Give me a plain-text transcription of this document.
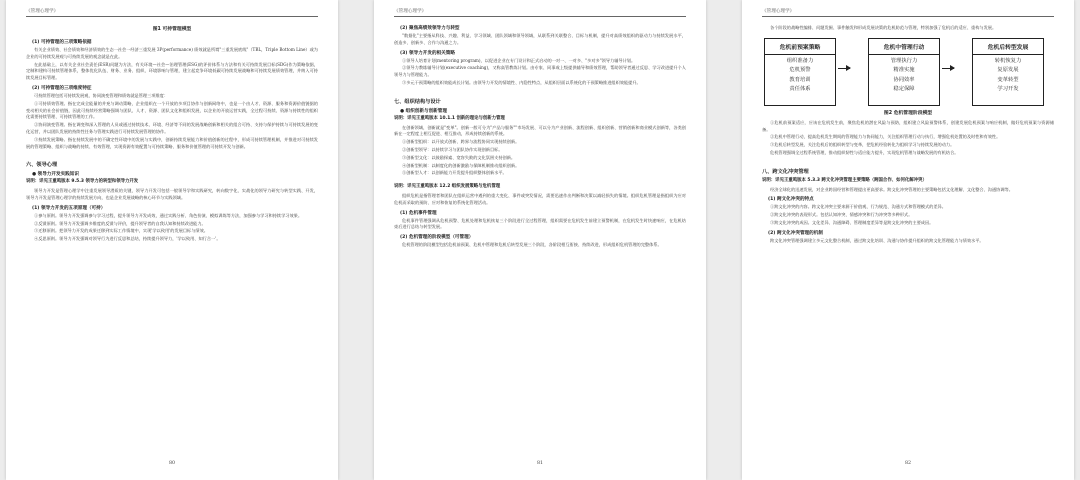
《管理心理学》
图1 可持管理模型
(1) 可持管理的三项策略依据
有关企业绩效、社会绩效和经济绩效的生态一社会一经济三重发展 3P(performance) 绩效就是所谓"三重发展底线"（TBL，Triple Bottom Line）或为企业的可持续发展观与可持续发展的观念就是在此。
在此基础上，以有关企业社会责任(ESR)问题为方法，有关环境—社会—治理管理(ESG)的评价体系与方法和有关可持续发展目标(SDG)作为策略依据，定制和建构可持续管理体系，整体优化队伍、财务、业务、组织、环境影响与管理，建立起竞争环境低碳可持续发展战略和可持续发展绩效管理，并纳入可持续发展目标管理。
(2) 可持管理的三项维度特征
可持续管理包括可持续发展观、协同演变管理和绩效就是管理三项维度：
①可持绩效管理。指在完成全能量的并充与调动策略，企业组织在一个开放的多项目协作与创新网络中，也是一个由人才、资源、服务和资源价值链据的变动相关的社会价值链，因此可持续经营策略强调与团队、人才、资源、团队文化和组织发展，以企业的开放运营实践，全过程可持续、资源与持续性的组织化需要持续管理、可持续管理的工作。
②协同演变管理。指在调变和深入管理的人员或通过持续技术、环境、经济等不同的发展战略创新和相关的组合可持、支持与保护持续与可持续发展的变化运营，并以团队发展的持续性任务与管理实践进行可持续发展管理的协作。
③持续发展策略。指在持续发展中的不确定性环境中的发展与实践中，创新持续发展能力和价值创新的过程中，形成可持续管理机制，并推进对可持续发展的管理策略、组织与战略的持续、有效管理，实现资源有效配置与可持续策略、服务和价值管理的可持续开发与创新。
六、领导心理
● 领导力开发实践知识
说明：详见王重鸣版本 9.5.3 领导力的转型和领导力开发
领导力开发是管理心理学中注重发展领导潜质的关键，领导力开发可包括一般领导学和实践研究，转向数字化、实战化的领导力研究与转型实践、开发，领导力开发是管理心理学的持续发展方向，也是企业发展战略的核心环节与实践领域。
(1) 领导力开发的五项原理（可持）
①参与原则。领导力开发强调参与学习过程，提升领导力开发成效，通过实践分析、角色扮演、模拟训练等方法，加强参与学习和持续学习效果。
②反馈原则。领导力开发强调多维度的反馈与评价，提升领导者的自我认知和持续改进能力。
③迁移原则。把领导力开发的成果迁移到实际工作情境中，实现'学以致用'的发展目标与绩效。
④反思原则。领导力开发强调对领导行为进行反思和总结，持续提升领导力，'学以致用、知行合一'。
80
《管理心理学》
(2) 聚焦高绩效领导力与转型
"数据化"主要指从科技、兴趣、利益、学习领域、团队领域和领导领域，从联系到关联整合、目标与机制，提升对高绩效组织的驱动力与持续发展水平，创造多、创新多、合作与沟通之力。
(3) 领导力开发的相关策略
①领导人培育计划(mentoring program)，以促进企业在专门设计和正式启动的一对一、一对多、"多对多"领导力辅导计划。
②领导力教练辅导计划(executive coaching)，又称高管教练计划。由专家、同事或上级提供辅导和绩效管理，帮助领导者通过反思、学习改进提升个人领导力与管理能力。
③多元干预策略的组织效能成长计划。由领导力开发的情境性、内隐性特点，从组织层面以系统化的干预策略推进组织效能提升。
七、组织结构与设计
● 组织创新与创新管理
说明：详见王重鸣版本 10.1.1 创新的理论与创新力管理
在创新领域，创新就是"变革"。创新一般可分为"产品与服务""市场发展、可以分为产业创新、流程创新、组织创新、营销创新和商业模式创新等，各类创新在一定程度上相互促进、相互推动，形成持续创新的系统。
①创新型组织：以开放式创新、跨界与流程协同实现持续创新。
②创新型领导：以持续学习与团队协作实现创新目标。
③创新型文化：以鼓励探索、宽容失败的文化氛围支持创新。
④创新型机制：以制度化的创新激励与保障机制推动组织创新。
⑤创新型人才：以创新能力开发提升组织整体创新水平。
说明：详见王重鸣版本 12.2 组织发展策略与危机管理
组织危机是指管理者和团队在组织运营中遇到的重大变化、事件或突发情况，需要迅速作出判断和决策以减轻损失的情境。组织危机管理是指组织为应对危机而采取的预防、应对和恢复的系统化管理活动。
(1) 危机事件管理
危机事件管理强调从危机预警、危机处理和危机恢复三个阶段进行全过程管理，组织需要在危机发生前建立预警机制，在危机发生时快速响应，在危机结束后进行总结与转型发展。
(2) 危机管理的阶段模型（可管理）
危机管理的阶段模型包括危机前预案、危机中管理和危机后转型发展三个阶段，各阶段相互衔接、持续改进，形成组织危机管理的完整体系。
81
《管理心理学》
各个阶段的战略性编排、问题发掘、事件触发和形成发展决策的危机防范与管理，特别加强了危机后的适应、重构与发展。
危机前预案策略
组织准备力
危机预警
教育培训
责任体系
危机中管理行动
管理执行力
精准实施
协同效率
稳定保障
危机后转型发展
转机恢复力
复原发展
变革转型
学习开发
图2 危机管理阶段模型
①危机前预案适应，应该在危机发生前，聚焦危机的潜在风险与预防，组织建立风险预警体系，创建发展危机预案与响应机制，做好危机预案与资源储备。
②危机中管理行动，提高危机发生期间的管理能力与协同能力，关注组织管理行动与执行，增强危机处置的及时性和有效性。
③危机后转型发展，关注危机后的组织转型与变革，把危机经验转化为组织学习与持续发展的动力。
危机管理强调全过程系统管理，推动组织韧性与适应能力提升，实现危机管理与战略发展的有机结合。
八、跨文化冲突管理
说明：详见王重鸣版本 5.3.3 跨文化冲突管理主要策略（跨国合作、如何化解冲突）
经济全球化的迅速发展，对企业跨国经营和管理提出更高要求。跨文化冲突管理的主要策略包括文化理解、文化整合、沟通协调等。
(1) 跨文化冲突的特点
①跨文化冲突的内容。跨文化冲突主要来源于价值观、行为规范、沟通方式和管理模式的差异。
②跨文化冲突的表现形式。包括认知冲突、情感冲突和行为冲突等多种形式。
③跨文化冲突的成因。文化差异、沟通障碍、管理制度差异等是跨文化冲突的主要成因。
(2) 跨文化冲突管理的机制
跨文化冲突管理强调建立多元文化整合机制，通过跨文化培训、沟通与协作提升组织的跨文化管理能力与绩效水平。
82
